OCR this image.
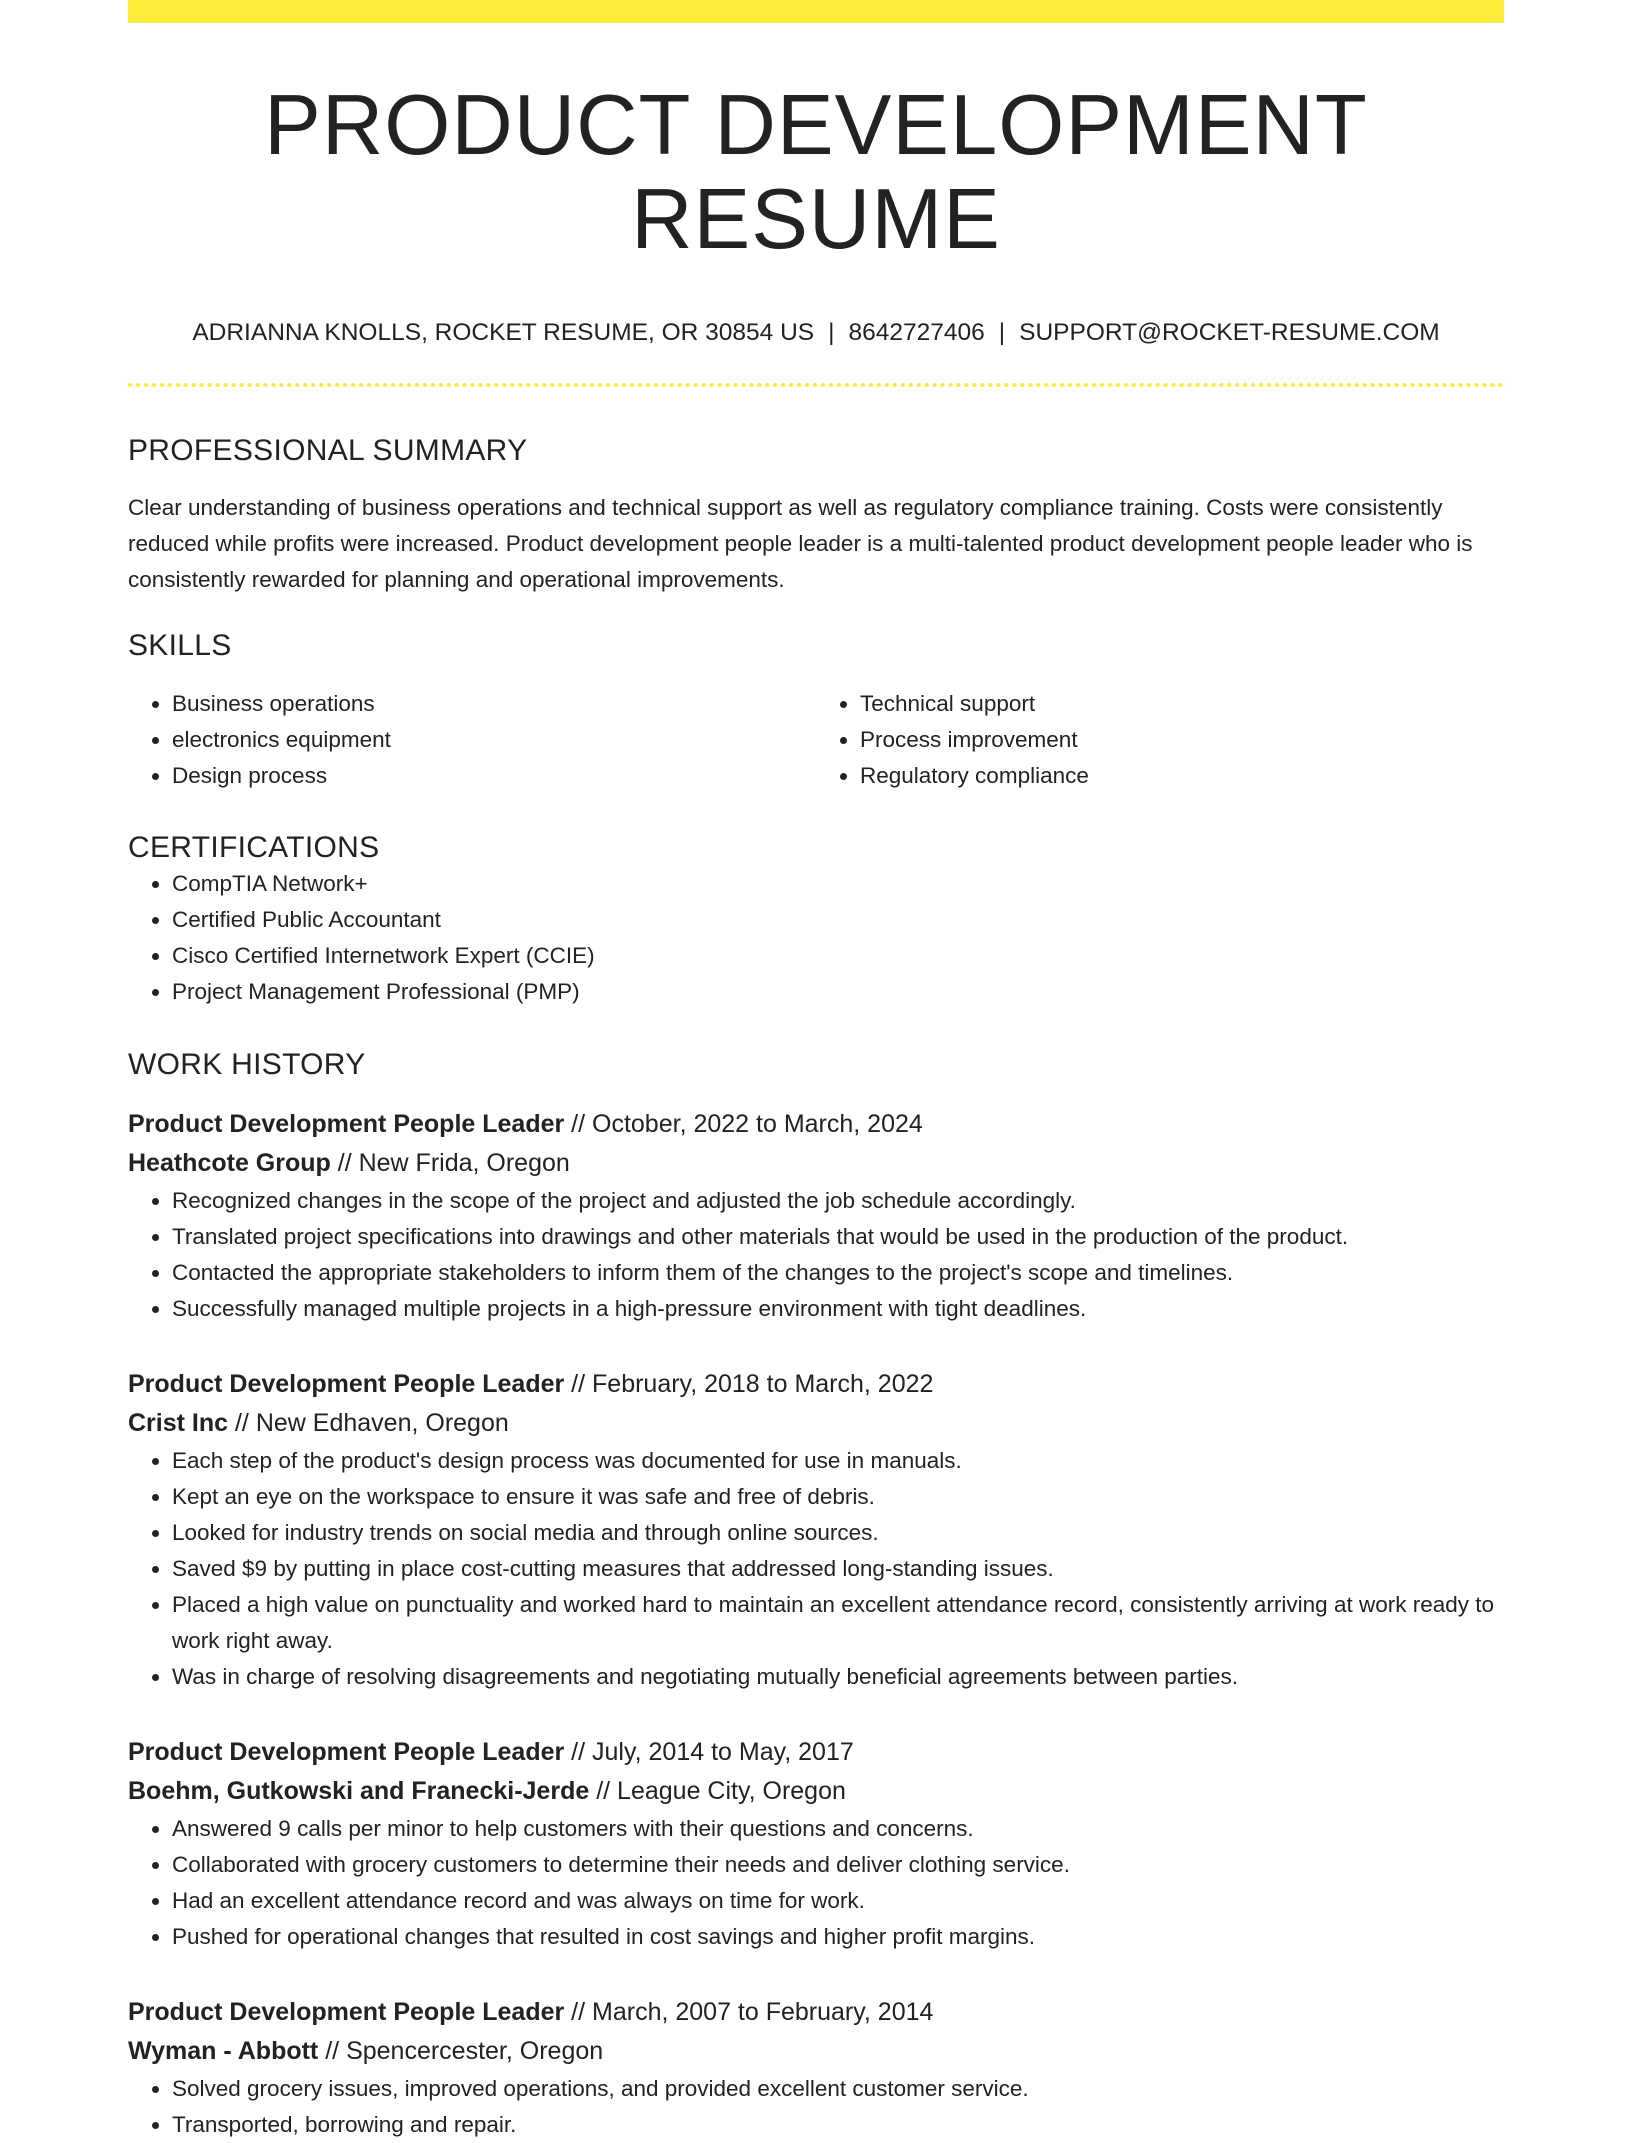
PRODUCT DEVELOPMENT RESUME
ADRIANNA KNOLLS, ROCKET RESUME, OR 30854 US | 8642727406 | SUPPORT@ROCKET-RESUME.COM
PROFESSIONAL SUMMARY
Clear understanding of business operations and technical support as well as regulatory compliance training. Costs were consistently reduced while profits were increased. Product development people leader is a multi-talented product development people leader who is consistently rewarded for planning and operational improvements.
SKILLS
• Business operations
• electronics equipment
• Design process
• Technical support
• Process improvement
• Regulatory compliance
CERTIFICATIONS
• CompTIA Network+
• Certified Public Accountant
• Cisco Certified Internetwork Expert (CCIE)
• Project Management Professional (PMP)
WORK HISTORY
Product Development People Leader // October, 2022 to March, 2024
Heathcote Group // New Frida, Oregon
• Recognized changes in the scope of the project and adjusted the job schedule accordingly.
• Translated project specifications into drawings and other materials that would be used in the production of the product.
• Contacted the appropriate stakeholders to inform them of the changes to the project's scope and timelines.
• Successfully managed multiple projects in a high-pressure environment with tight deadlines.
Product Development People Leader // February, 2018 to March, 2022
Crist Inc // New Edhaven, Oregon
• Each step of the product's design process was documented for use in manuals.
• Kept an eye on the workspace to ensure it was safe and free of debris.
• Looked for industry trends on social media and through online sources.
• Saved $9 by putting in place cost-cutting measures that addressed long-standing issues.
• Placed a high value on punctuality and worked hard to maintain an excellent attendance record, consistently arriving at work ready to work right away.
• Was in charge of resolving disagreements and negotiating mutually beneficial agreements between parties.
Product Development People Leader // July, 2014 to May, 2017
Boehm, Gutkowski and Franecki-Jerde // League City, Oregon
• Answered 9 calls per minor to help customers with their questions and concerns.
• Collaborated with grocery customers to determine their needs and deliver clothing service.
• Had an excellent attendance record and was always on time for work.
• Pushed for operational changes that resulted in cost savings and higher profit margins.
Product Development People Leader // March, 2007 to February, 2014
Wyman - Abbott // Spencercester, Oregon
• Solved grocery issues, improved operations, and provided excellent customer service.
• Transported, borrowing and repair.
